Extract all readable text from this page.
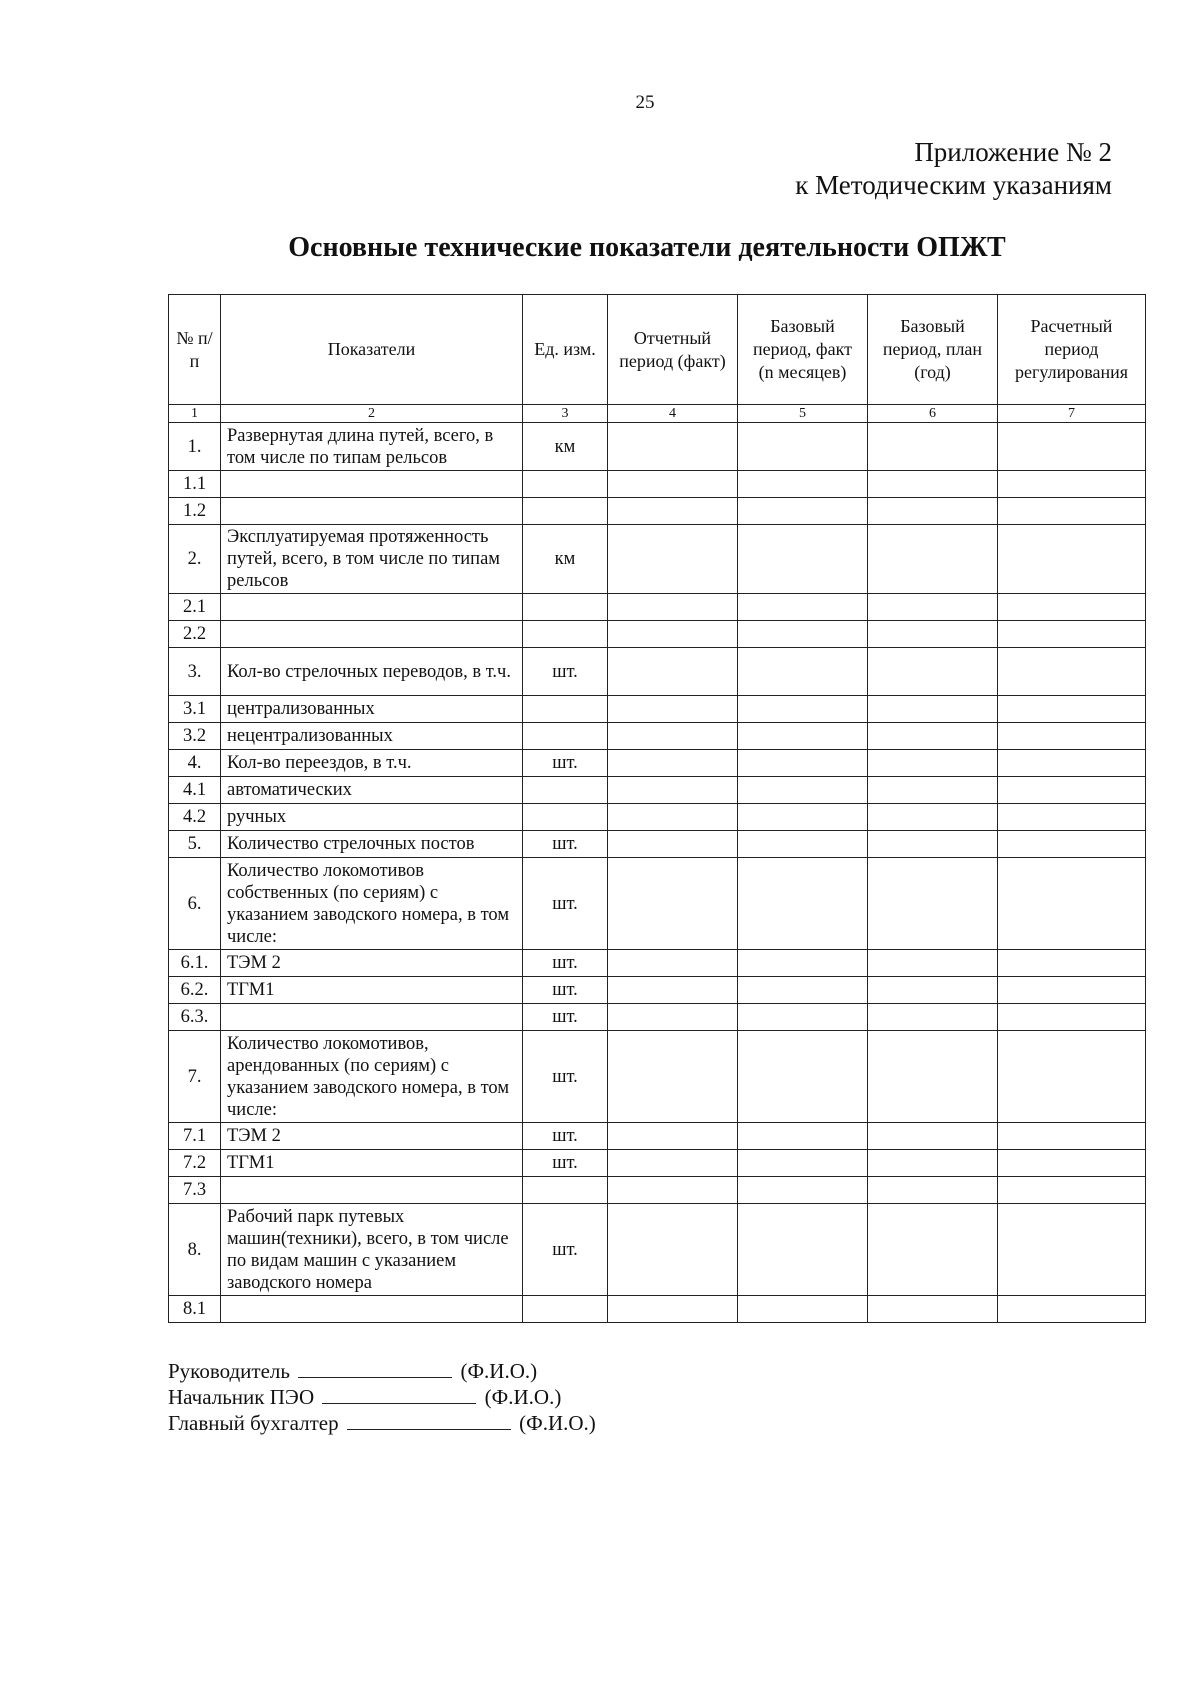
25
Приложение № 2
к Методическим указаниям
Основные технические показатели деятельности ОПЖТ
№ п/п	Показатели	Ед. изм.	Отчетный период (факт)	Базовый период, факт (n месяцев)	Базовый период, план (год)	Расчетный период регулирования
1	2	3	4	5	6	7
1.	Развернутая длина путей, всего, в том числе по типам рельсов	км				
1.1						
1.2						
2.	Эксплуатируемая протяженность путей, всего, в том числе по типам рельсов	км				
2.1						
2.2						
3.	Кол-во стрелочных переводов, в т.ч.	шт.				
3.1	централизованных					
3.2	нецентрализованных					
4.	Кол-во переездов, в т.ч.	шт.				
4.1	автоматических					
4.2	ручных					
5.	Количество стрелочных постов	шт.				
6.	Количество локомотивов собственных (по сериям) с указанием заводского номера, в том числе:	шт.				
6.1.	ТЭМ 2	шт.				
6.2.	ТГМ1	шт.				
6.3.		шт.				
7.	Количество локомотивов, арендованных (по сериям) с указанием заводского номера, в том числе:	шт.				
7.1	ТЭМ 2	шт.				
7.2	ТГМ1	шт.				
7.3						
8.	Рабочий парк путевых машин(техники), всего, в том числе по видам машин с указанием заводского номера	шт.				
8.1						
Руководитель	(Ф.И.О.)
Начальник ПЭО	(Ф.И.О.)
Главный бухгалтер	(Ф.И.О.)
